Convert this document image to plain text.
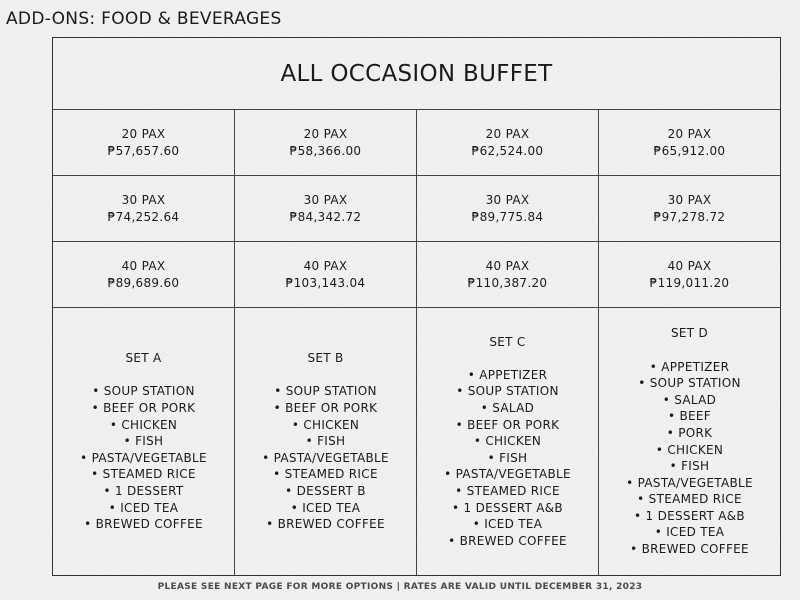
ADD-ONS: FOOD & BEVERAGES
ALL OCCASION BUFFET
20 PAX
₱57,657.60
20 PAX
₱58,366.00
20 PAX
₱62,524.00
20 PAX
₱65,912.00
30 PAX
₱74,252.64
30 PAX
₱84,342.72
30 PAX
₱89,775.84
30 PAX
₱97,278.72
40 PAX
₱89,689.60
40 PAX
₱103,143.04
40 PAX
₱110,387.20
40 PAX
₱119,011.20
SET A
• SOUP STATION
• BEEF OR PORK
• CHICKEN
• FISH
• PASTA/VEGETABLE
• STEAMED RICE
• 1 DESSERT
• ICED TEA
• BREWED COFFEE
SET B
• SOUP STATION
• BEEF OR PORK
• CHICKEN
• FISH
• PASTA/VEGETABLE
• STEAMED RICE
• DESSERT B
• ICED TEA
• BREWED COFFEE
SET C
• APPETIZER
• SOUP STATION
• SALAD
• BEEF OR PORK
• CHICKEN
• FISH
• PASTA/VEGETABLE
• STEAMED RICE
• 1 DESSERT A&B
• ICED TEA
• BREWED COFFEE
SET D
• APPETIZER
• SOUP STATION
• SALAD
• BEEF
• PORK
• CHICKEN
• FISH
• PASTA/VEGETABLE
• STEAMED RICE
• 1 DESSERT A&B
• ICED TEA
• BREWED COFFEE
PLEASE SEE NEXT PAGE FOR MORE OPTIONS | RATES ARE VALID UNTIL DECEMBER 31, 2023
